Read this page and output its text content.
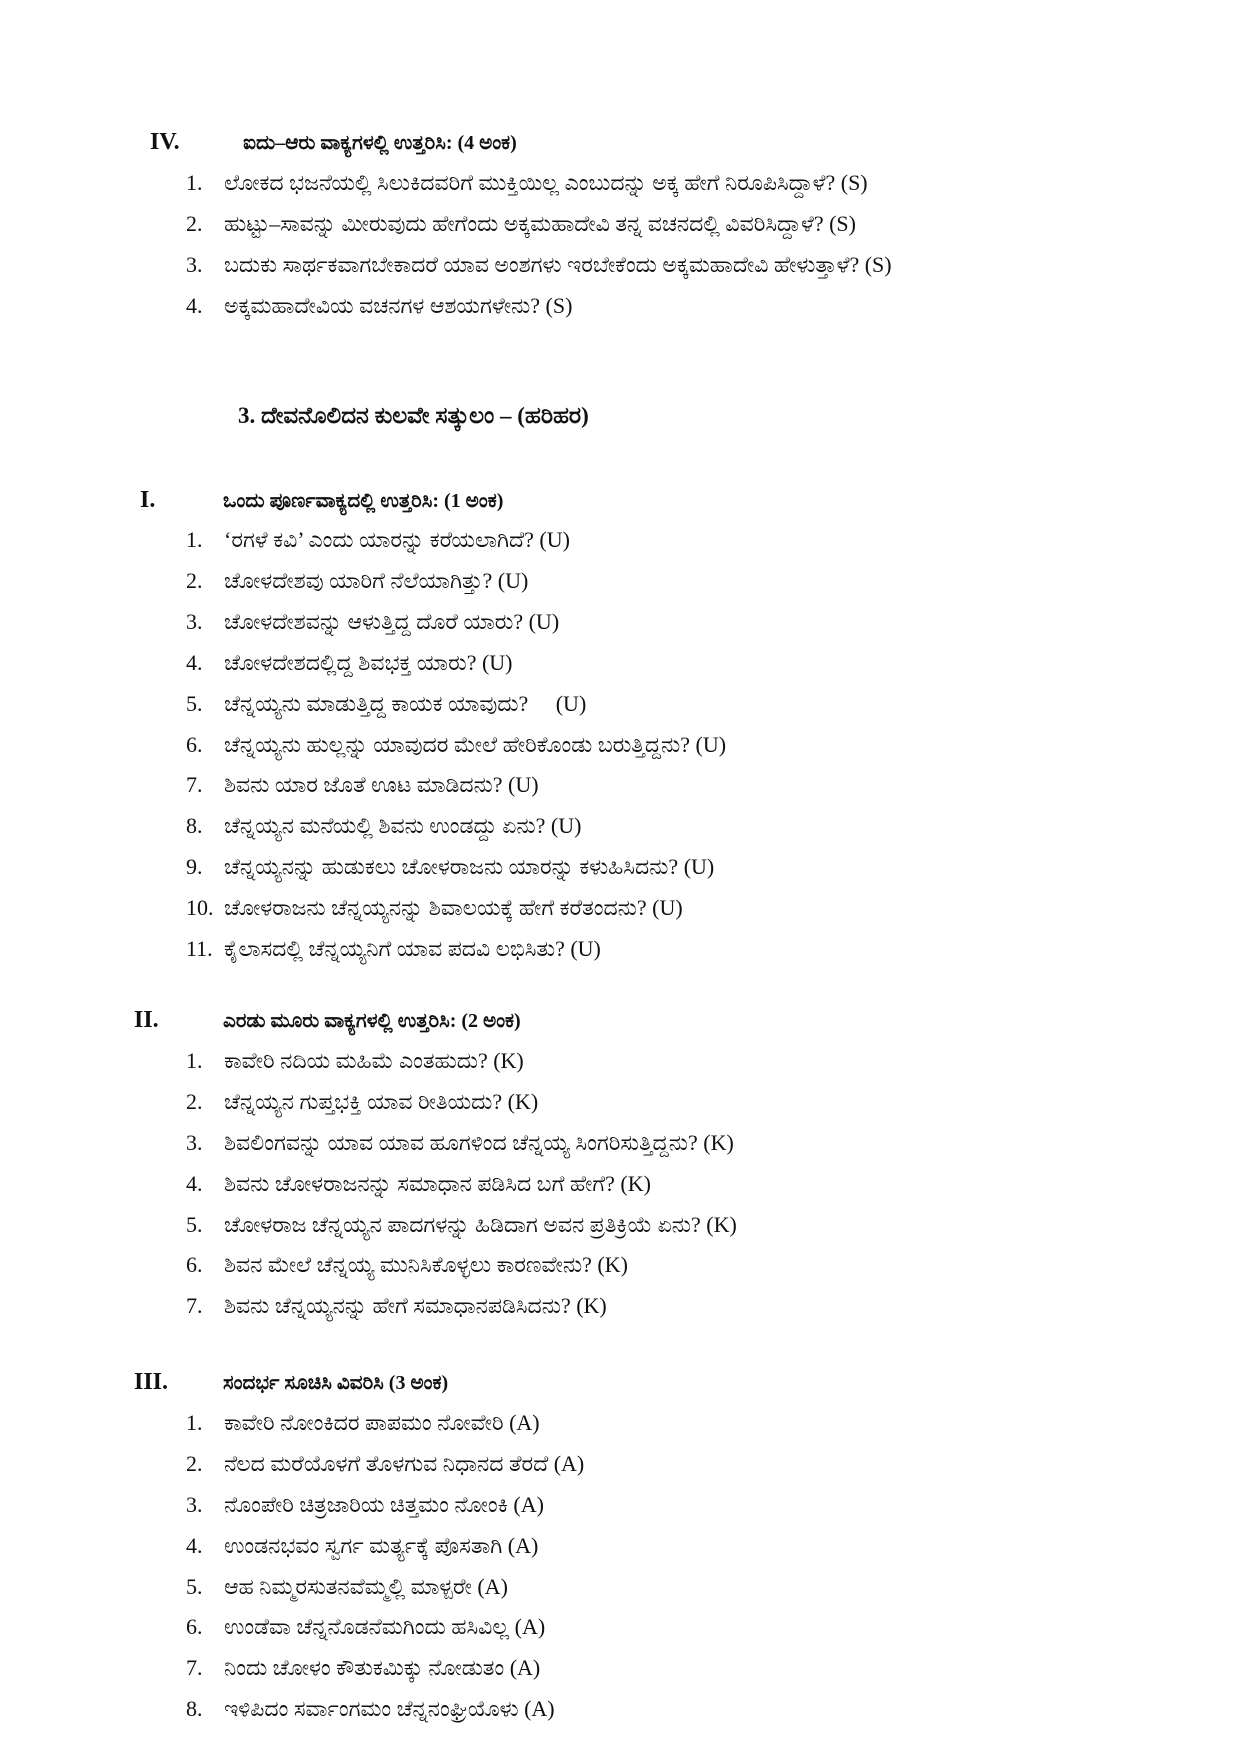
IV.	ಐದು–ಆರು ವಾಕ್ಯಗಳಲ್ಲಿ ಉತ್ತರಿಸಿ: (4 ಅಂಕ)
1. ಲೋಕದ ಭಜನೆಯಲ್ಲಿ ಸಿಲುಕಿದವರಿಗೆ ಮುಕ್ತಿಯಿಲ್ಲ ಎಂಬುದನ್ನು ಅಕ್ಕ ಹೇಗೆ ನಿರೂಪಿಸಿದ್ದಾಳೆ? (S)
2. ಹುಟ್ಟು–ಸಾವನ್ನು ಮೀರುವುದು ಹೇಗೆಂದು ಅಕ್ಕಮಹಾದೇವಿ ತನ್ನ ವಚನದಲ್ಲಿ ವಿವರಿಸಿದ್ದಾಳೆ? (S)
3. ಬದುಕು ಸಾರ್ಥಕವಾಗಬೇಕಾದರೆ ಯಾವ ಅಂಶಗಳು ಇರಬೇಕೆಂದು ಅಕ್ಕಮಹಾದೇವಿ ಹೇಳುತ್ತಾಳೆ? (S)
4. ಅಕ್ಕಮಹಾದೇವಿಯ ವಚನಗಳ ಆಶಯಗಳೇನು? (S)
3. ದೇವನೊಲಿದನ ಕುಲವೇ ಸತ್ಕುಲಂ – (ಹರಿಹರ)
I.	ಒಂದು ಪೂರ್ಣವಾಕ್ಯದಲ್ಲಿ ಉತ್ತರಿಸಿ: (1 ಅಂಕ)
1. ‘ರಗಳೆ ಕವಿ’ ಎಂದು ಯಾರನ್ನು ಕರೆಯಲಾಗಿದೆ? (U)
2. ಚೋಳದೇಶವು ಯಾರಿಗೆ ನೆಲೆಯಾಗಿತ್ತು? (U)
3. ಚೋಳದೇಶವನ್ನು ಆಳುತ್ತಿದ್ದ ದೊರೆ ಯಾರು? (U)
4. ಚೋಳದೇಶದಲ್ಲಿದ್ದ ಶಿವಭಕ್ತ ಯಾರು? (U)
5. ಚೆನ್ನಯ್ಯನು ಮಾಡುತ್ತಿದ್ದ ಕಾಯಕ ಯಾವುದು?     (U)
6. ಚೆನ್ನಯ್ಯನು ಹುಲ್ಲನ್ನು ಯಾವುದರ ಮೇಲೆ ಹೇರಿಕೊಂಡು ಬರುತ್ತಿದ್ದನು? (U)
7. ಶಿವನು ಯಾರ ಜೊತೆ ಊಟ ಮಾಡಿದನು? (U)
8. ಚೆನ್ನಯ್ಯನ ಮನೆಯಲ್ಲಿ ಶಿವನು ಉಂಡದ್ದು ಏನು? (U)
9. ಚೆನ್ನಯ್ಯನನ್ನು ಹುಡುಕಲು ಚೋಳರಾಜನು ಯಾರನ್ನು ಕಳುಹಿಸಿದನು? (U)
10. ಚೋಳರಾಜನು ಚೆನ್ನಯ್ಯನನ್ನು ಶಿವಾಲಯಕ್ಕೆ ಹೇಗೆ ಕರೆತಂದನು? (U)
11. ಕೈಲಾಸದಲ್ಲಿ ಚೆನ್ನಯ್ಯನಿಗೆ ಯಾವ ಪದವಿ ಲಭಿಸಿತು? (U)
II.	ಎರಡು ಮೂರು ವಾಕ್ಯಗಳಲ್ಲಿ ಉತ್ತರಿಸಿ: (2 ಅಂಕ)
1. ಕಾವೇರಿ ನದಿಯ ಮಹಿಮೆ ಎಂತಹುದು? (K)
2. ಚೆನ್ನಯ್ಯನ ಗುಪ್ತಭಕ್ತಿ ಯಾವ ರೀತಿಯದು? (K)
3. ಶಿವಲಿಂಗವನ್ನು ಯಾವ ಯಾವ ಹೂಗಳಿಂದ ಚೆನ್ನಯ್ಯ ಸಿಂಗರಿಸುತ್ತಿದ್ದನು? (K)
4. ಶಿವನು ಚೋಳರಾಜನನ್ನು ಸಮಾಧಾನ ಪಡಿಸಿದ ಬಗೆ ಹೇಗೆ? (K)
5. ಚೋಳರಾಜ ಚೆನ್ನಯ್ಯನ ಪಾದಗಳನ್ನು ಹಿಡಿದಾಗ ಅವನ ಪ್ರತಿಕ್ರಿಯೆ ಏನು? (K)
6. ಶಿವನ ಮೇಲೆ ಚೆನ್ನಯ್ಯ ಮುನಿಸಿಕೊಳ್ಳಲು ಕಾರಣವೇನು? (K)
7. ಶಿವನು ಚೆನ್ನಯ್ಯನನ್ನು ಹೇಗೆ ಸಮಾಧಾನಪಡಿಸಿದನು? (K)
III.	ಸಂದರ್ಭ ಸೂಚಿಸಿ ವಿವರಿಸಿ (3 ಅಂಕ)
1. ಕಾವೇರಿ ನೋಂಕಿದರ ಪಾಪಮಂ ನೋವೇರಿ (A)
2. ನೆಲದ ಮರೆಯೊಳಗೆ ತೊಳಗುವ ನಿಧಾನದ ತೆರದೆ (A)
3. ನೊಂಪೇರಿ ಚಿತ್ರಜಾರಿಯ ಚಿತ್ತಮಂ ನೋಂಕಿ (A)
4. ಉಂಡನಭವಂ ಸ್ವರ್ಗ ಮರ್ತ್ಯಕ್ಕೆ ಪೊಸತಾಗಿ (A)
5. ಆಹ ನಿಮ್ಮರಸುತನವೆಮ್ಮಲ್ಲಿ ಮಾಳ್ಪರೇ (A)
6. ಉಂಡೆವಾ ಚೆನ್ನನೊಡನೆಮಗಿಂದು ಹಸಿವಿಲ್ಲ (A)
7. ನಿಂದು ಚೋಳಂ ಕೌತುಕಮಿಕ್ಕು ನೋಡುತಂ (A)
8. ಇಳಿಪಿದಂ ಸರ್ವಾಂಗಮಂ ಚೆನ್ನನಂಘ್ರಿಯೊಳು (A)
